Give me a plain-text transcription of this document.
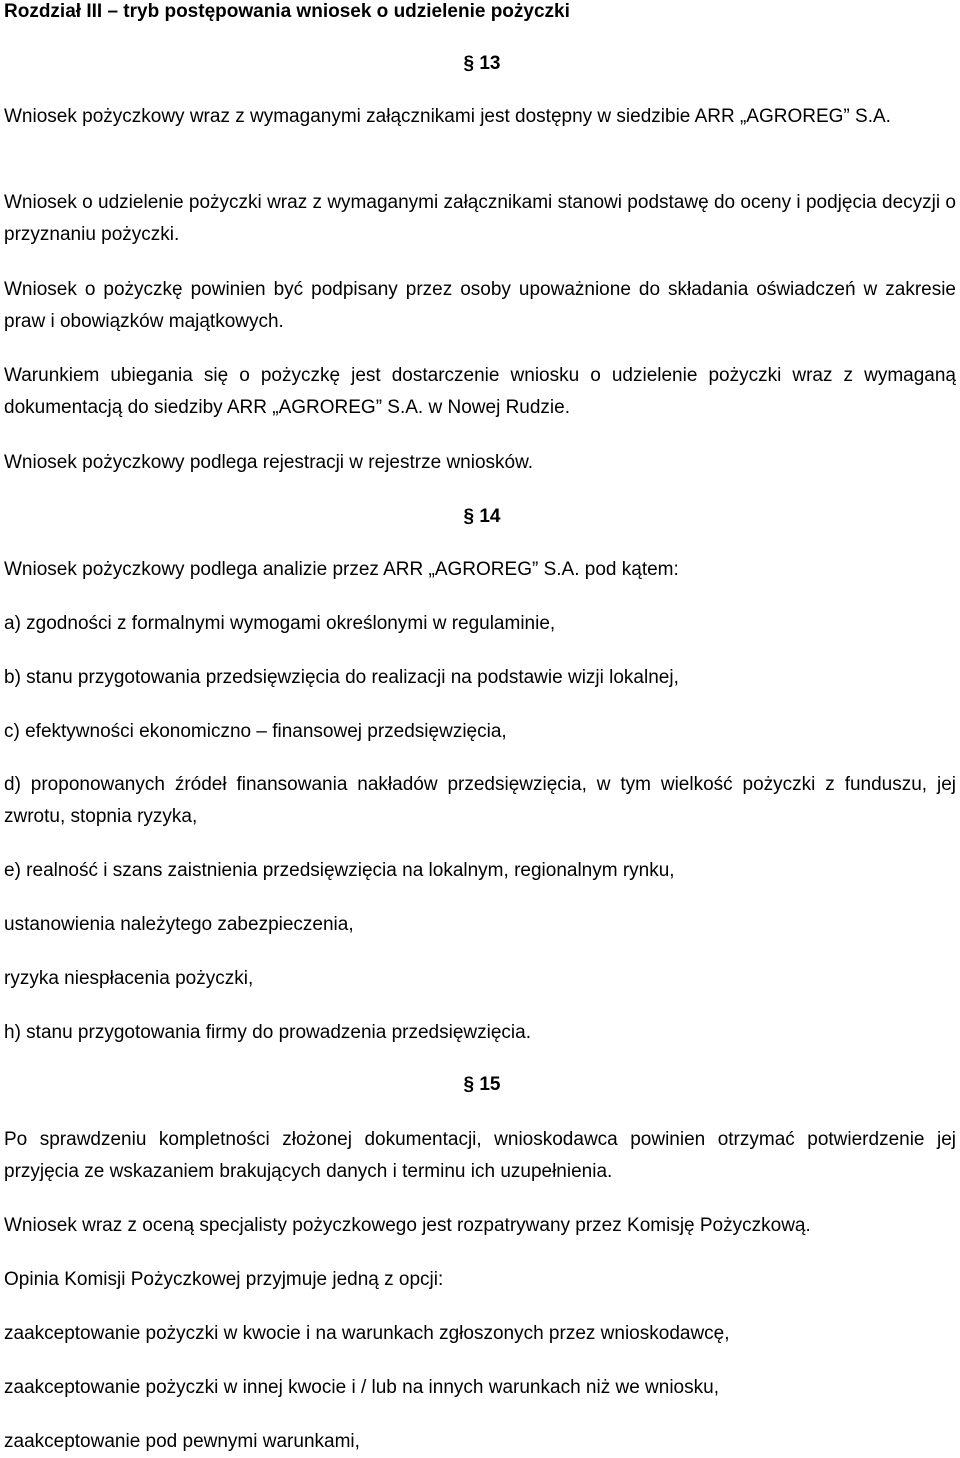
Rozdział III – tryb postępowania wniosek o udzielenie pożyczki
§ 13
Wniosek pożyczkowy wraz z wymaganymi załącznikami jest dostępny w siedzibie ARR „AGROREG” S.A.
Wniosek o udzielenie pożyczki wraz z wymaganymi załącznikami stanowi podstawę do oceny i podjęcia decyzji o przyznaniu pożyczki.
Wniosek o pożyczkę powinien być podpisany przez osoby upoważnione do składania oświadczeń w zakresie praw i obowiązków majątkowych.
Warunkiem ubiegania się o pożyczkę jest dostarczenie wniosku o udzielenie pożyczki wraz z wymaganą dokumentacją do siedziby ARR „AGROREG” S.A. w Nowej Rudzie.
Wniosek pożyczkowy podlega rejestracji w rejestrze wniosków.
§ 14
Wniosek pożyczkowy podlega analizie przez ARR „AGROREG” S.A. pod kątem:
a) zgodności z formalnymi wymogami określonymi w regulaminie,
b) stanu przygotowania przedsięwzięcia do realizacji na podstawie wizji lokalnej,
c) efektywności ekonomiczno – finansowej przedsięwzięcia,
d) proponowanych źródeł finansowania nakładów przedsięwzięcia, w tym wielkość pożyczki z funduszu, jej zwrotu, stopnia ryzyka,
e) realność i szans zaistnienia przedsięwzięcia na lokalnym, regionalnym rynku,
ustanowienia należytego zabezpieczenia,
ryzyka niespłacenia pożyczki,
h) stanu przygotowania firmy do prowadzenia przedsięwzięcia.
§ 15
Po sprawdzeniu kompletności złożonej dokumentacji, wnioskodawca powinien otrzymać potwierdzenie jej przyjęcia ze wskazaniem brakujących danych i terminu ich uzupełnienia.
Wniosek wraz z oceną specjalisty pożyczkowego jest rozpatrywany przez Komisję Pożyczkową.
Opinia Komisji Pożyczkowej przyjmuje jedną z opcji:
zaakceptowanie pożyczki w kwocie i na warunkach zgłoszonych przez wnioskodawcę,
zaakceptowanie pożyczki w innej kwocie i / lub na innych warunkach niż we wniosku,
zaakceptowanie pod pewnymi warunkami,
